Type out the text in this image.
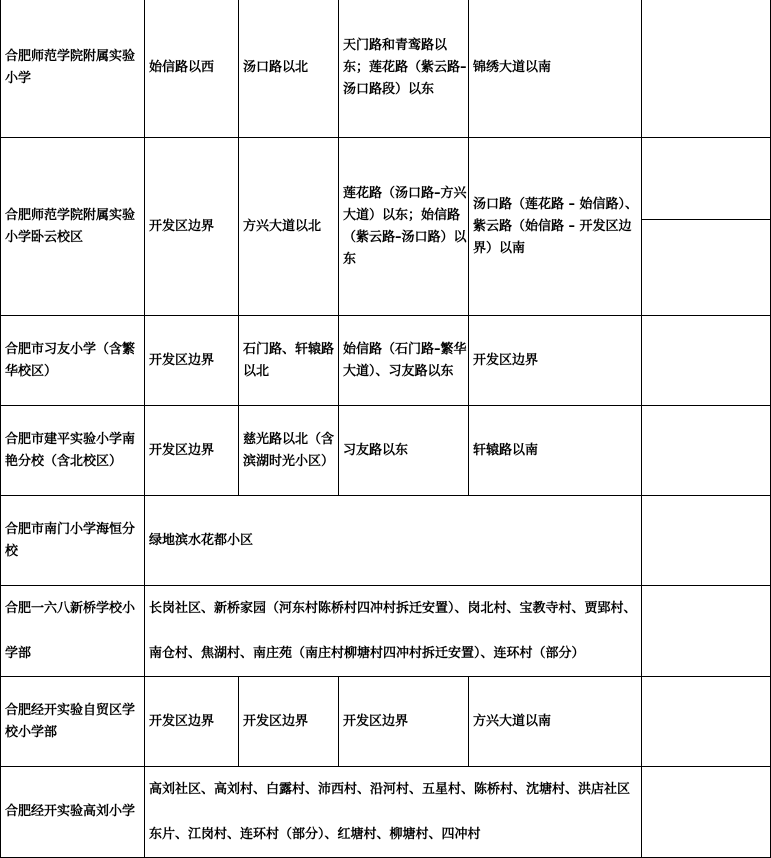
合肥师范学院附属实验小学	始信路以西	汤口路以北	天门路和青鸾路以东；莲花路（紫云路–汤口路段）以东	锦绣大道以南	
合肥师范学院附属实验小学卧云校区	开发区边界	方兴大道以北	莲花路（汤口路–方兴大道）以东；始信路（紫云路–汤口路）以东	汤口路（莲花路 – 始信路）、紫云路（始信路 – 开发区边界）以南	

合肥市习友小学（含繁华校区）	开发区边界	石门路、轩辕路以北	始信路（石门路–繁华大道）、习友路以东	开发区边界	
合肥市建平实验小学南艳分校（含北校区）	开发区边界	慈光路以北（含滨湖时光小区）	习友路以东	轩辕路以南	
合肥市南门小学海恒分校	绿地滨水花都小区				
合肥一六八新桥学校小学部	长岗社区、新桥家园（河东村陈桥村四冲村拆迁安置）、岗北村、宝教寺村、贾郢村、南仓村、焦湖村、南庄苑（南庄村柳塘村四冲村拆迁安置）、连环村（部分）				
合肥经开实验自贸区学校小学部	开发区边界	开发区边界	开发区边界	方兴大道以南	
合肥经开实验高刘小学	高刘社区、高刘村、白露村、沛西村、沿河村、五星村、陈桥村、沈塘村、洪店社区东片、江岗村、连环村（部分）、红塘村、柳塘村、四冲村				
